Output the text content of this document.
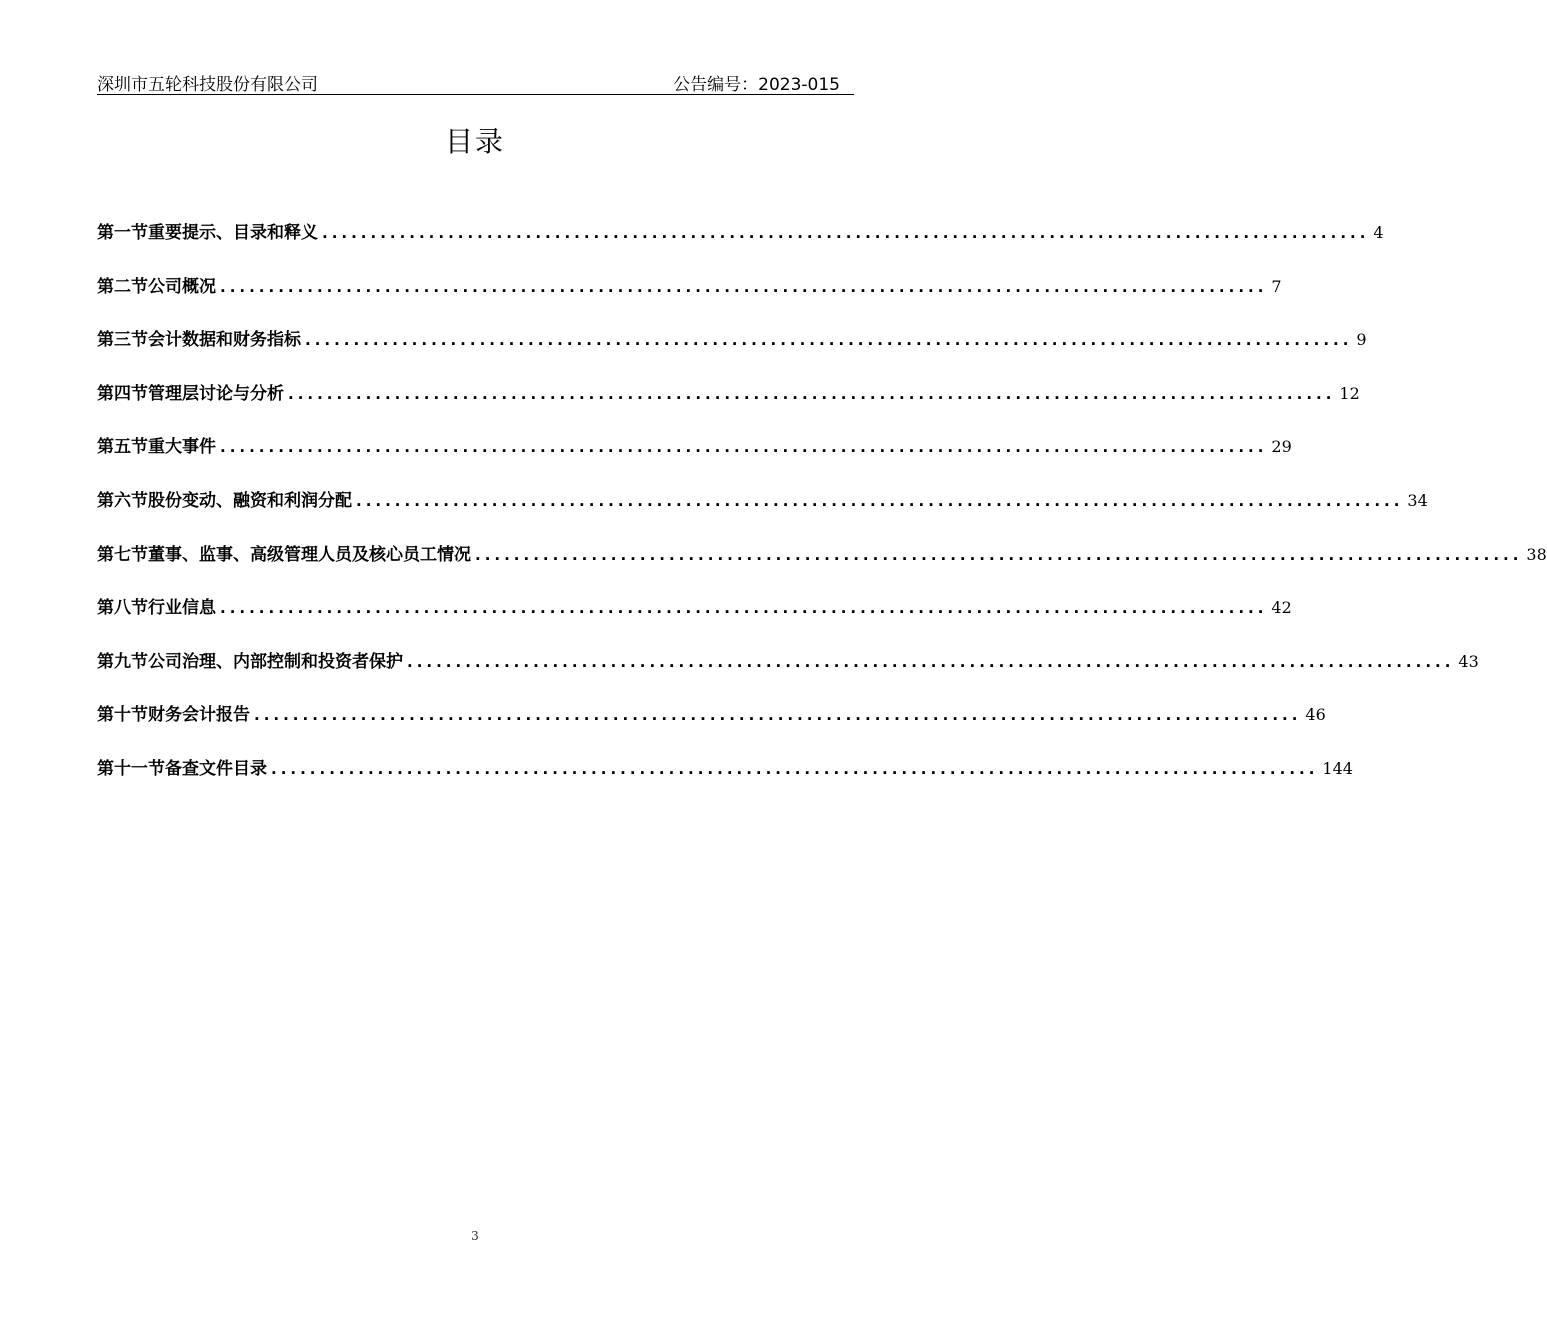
深圳市五轮科技股份有限公司	公告编号：2023-015
目录
第一节 重要提示、目录和释义 ............................................................................................................ 4
第二节 公司概况 ............................................................................................................ 7
第三节 会计数据和财务指标 ............................................................................................................ 9
第四节 管理层讨论与分析 ............................................................................................................ 12
第五节 重大事件 ............................................................................................................ 29
第六节 股份变动、融资和利润分配 ............................................................................................................ 34
第七节 董事、监事、高级管理人员及核心员工情况 ............................................................................................................ 38
第八节 行业信息 ............................................................................................................ 42
第九节 公司治理、内部控制和投资者保护 ............................................................................................................ 43
第十节 财务会计报告 ............................................................................................................ 46
第十一节 备查文件目录 ............................................................................................................ 144
3
